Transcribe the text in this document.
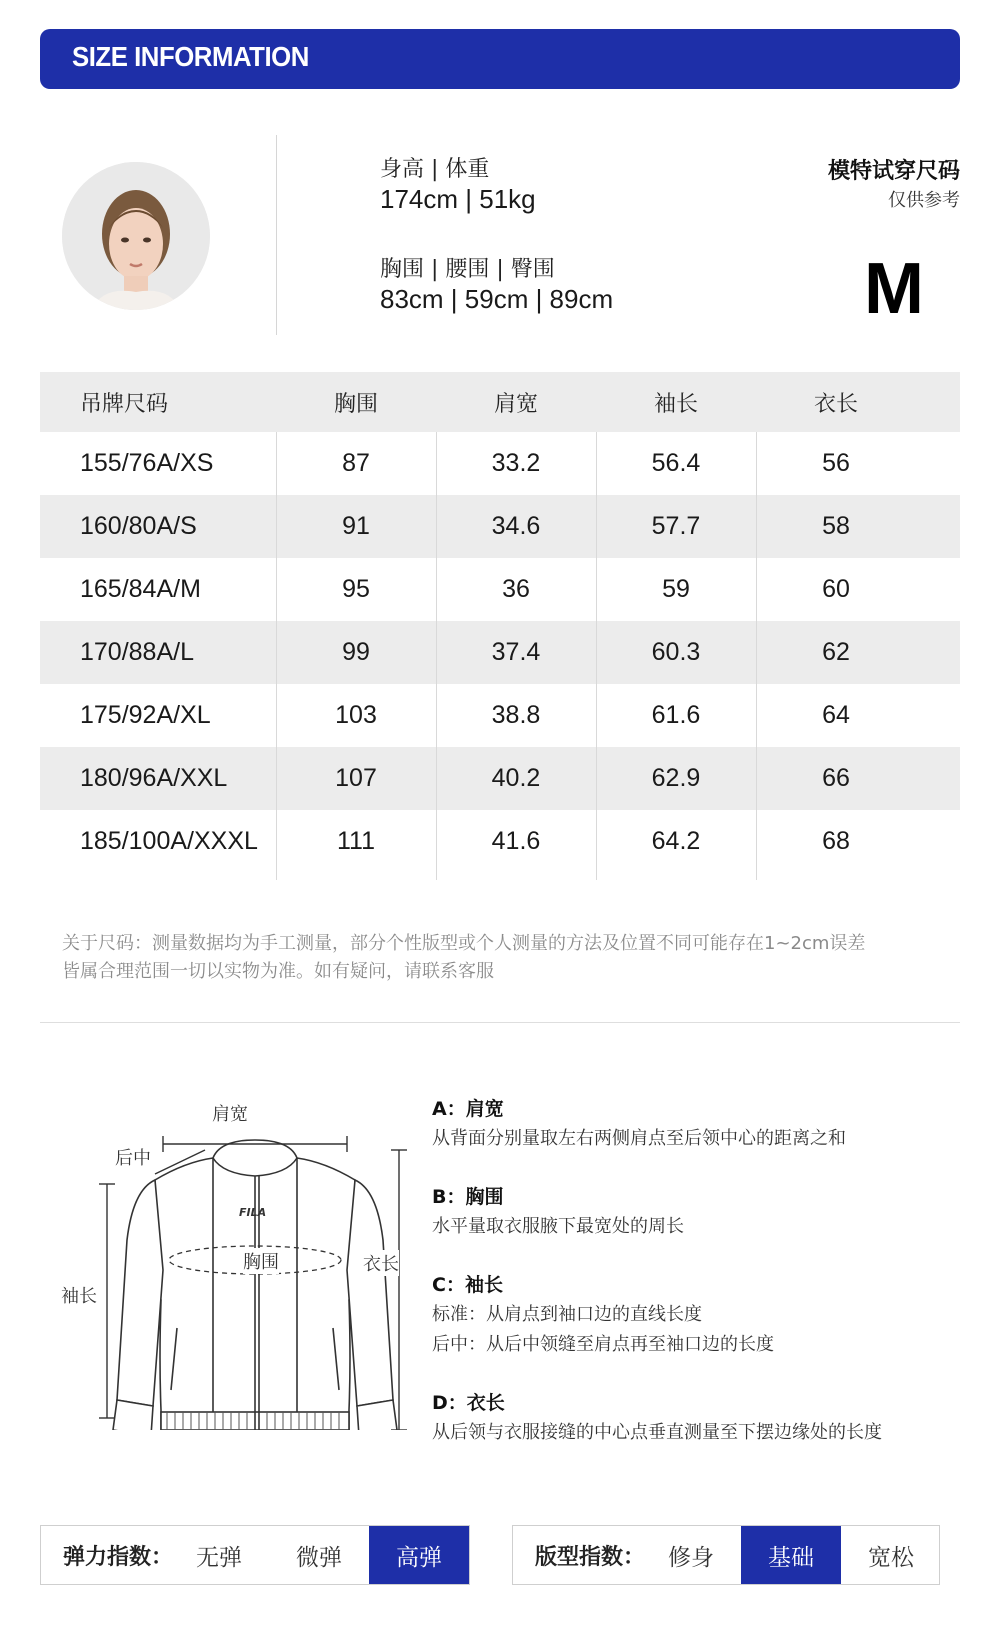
SIZE INFORMATION
身高 | 体重
174cm | 51kg
胸围 | 腰围 | 臀围
83cm | 59cm | 89cm
模特试穿尺码
仅供参考
M
吊牌尺码	胸围	肩宽	袖长	衣长
155/76A/XS	87	33.2	56.4	56
160/80A/S	91	34.6	57.7	58
165/84A/M	95	36	59	60
170/88A/L	99	37.4	60.3	62
175/92A/XL	103	38.8	61.6	64
180/96A/XXL	107	40.2	62.9	66
185/100A/XXXL	111	41.6	64.2	68
关于尺码：测量数据均为手工测量，部分个性版型或个人测量的方法及位置不同可能存在1~2cm误差
皆属合理范围一切以实物为准。如有疑问，请联系客服
肩宽
后中
胸围
袖长
衣长
FILA
A：肩宽
从背面分别量取左右两侧肩点至后领中心的距离之和
B：胸围
水平量取衣服腋下最宽处的周长
C：袖长
标准：从肩点到袖口边的直线长度
后中：从后中领缝至肩点再至袖口边的长度
D：衣长
从后领与衣服接缝的中心点垂直测量至下摆边缘处的长度
弹力指数： 无弹	微弹	高弹	版型指数： 修身	基础	宽松
